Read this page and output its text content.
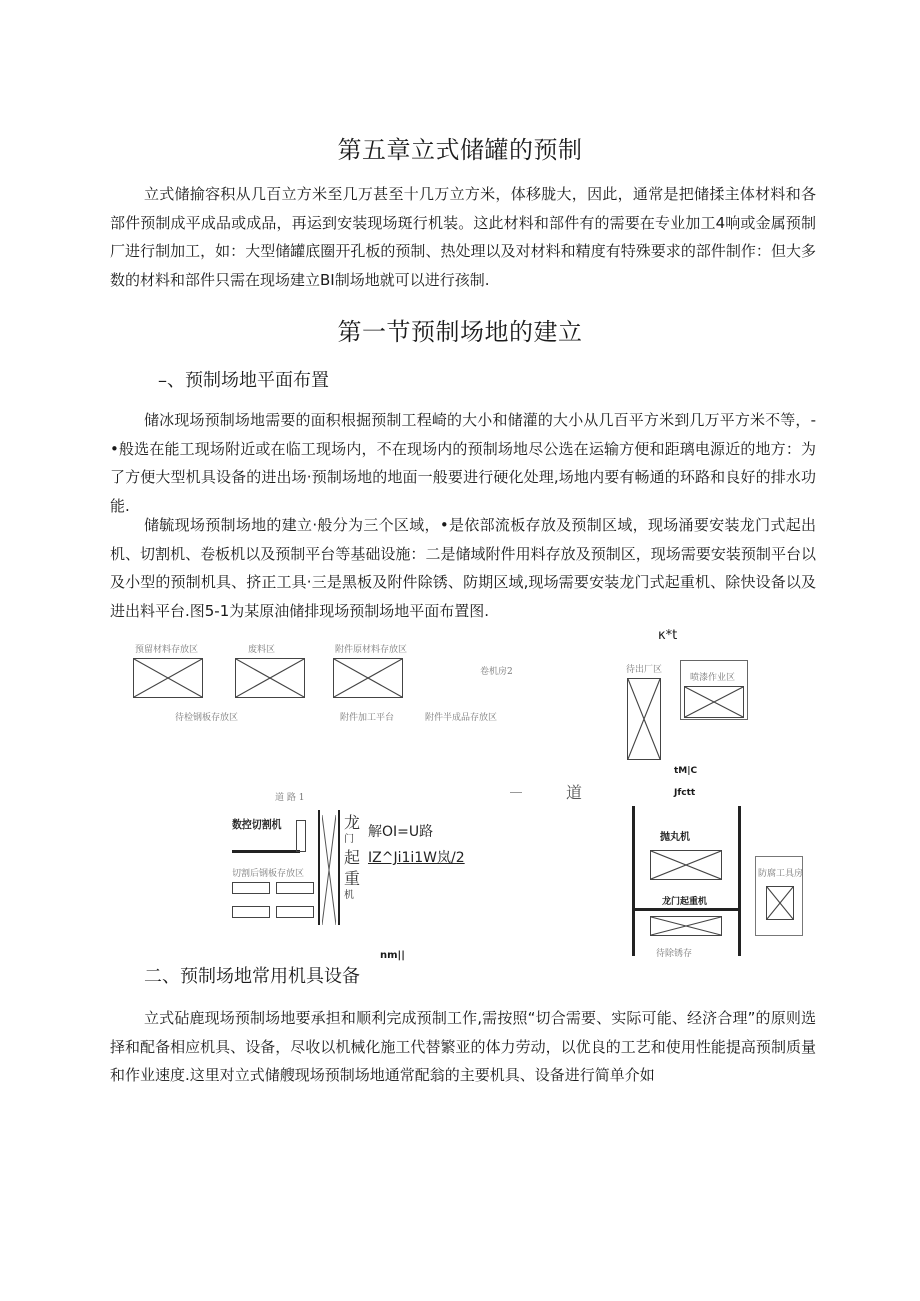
第五章立式储罐的预制

立式储揄容积从几百立方米至几万甚至十几万立方米，体移胧大，因此，通常是把储揉主体材料和各部件预制成平成品或成品，再运到安装现场斑行机装。这此材料和部件有的需要在专业加工4响或金属预制厂进行制加工，如：大型储罐底圈开孔板的预制、热处理以及对材料和精度有特殊要求的部件制作：但大多数的材料和部件只需在现场建立BI制场地就可以进行孩制.

第一节预制场地的建立
–、预制场地平面布置

储冰现场预制场地需要的面积根掘预制工程崎的大小和储灌的大小从几百平方米到几万平方米不等，-•般选在能工现场附近或在临工现场内，不在现场内的预制场地尽公选在运输方便和距璃电源近的地方：为了方便大型机具设备的进出场·预制场地的地面一般要进行硬化处理,场地内要有畅通的环路和良好的排水功能.

储毓现场预制场地的建立·般分为三个区域，•是依部流板存放及预制区域，现场涌要安装龙门式起出机、切割机、卷板机以及预制平台等基础设施：二是储域附件用料存放及预制区，现场需要安装预制平台以及小型的预制机具、挤正工具·三是黑板及附件除锈、防期区域,现场需要安装龙门式起重机、除快设备以及进出料平台.图5-1为某原油储排现场预制场地平面布置图.

预留材料存放区	废料区	附件原材料存放区
卷机房2
待检钢板存放区	附件加工平台	附件半成品存放区
道 路 1	道
数控切割机
切割后钢板存放区
龙
门
起
重
机
解OI=U路
IZ^Ji1i1W岚/2
nm||
κ*t
待出厂区
喷漆作业区
tM|C
Jfctt
抛丸机
龙门起重机
待除锈存
防腐工具房
二、预制场地常用机具设备

立式砧鹿现场预制场地要承担和顺利完成预制工作,需按照“切合需要、实际可能、经济合理”的原则选择和配备相应机具、设备，尽收以机械化施工代替繁亚的体力劳动，以优良的工艺和使用性能提高预制质量和作业速度.这里对立式储艘现场预制场地通常配翁的主要机具、设备进行简单介如
